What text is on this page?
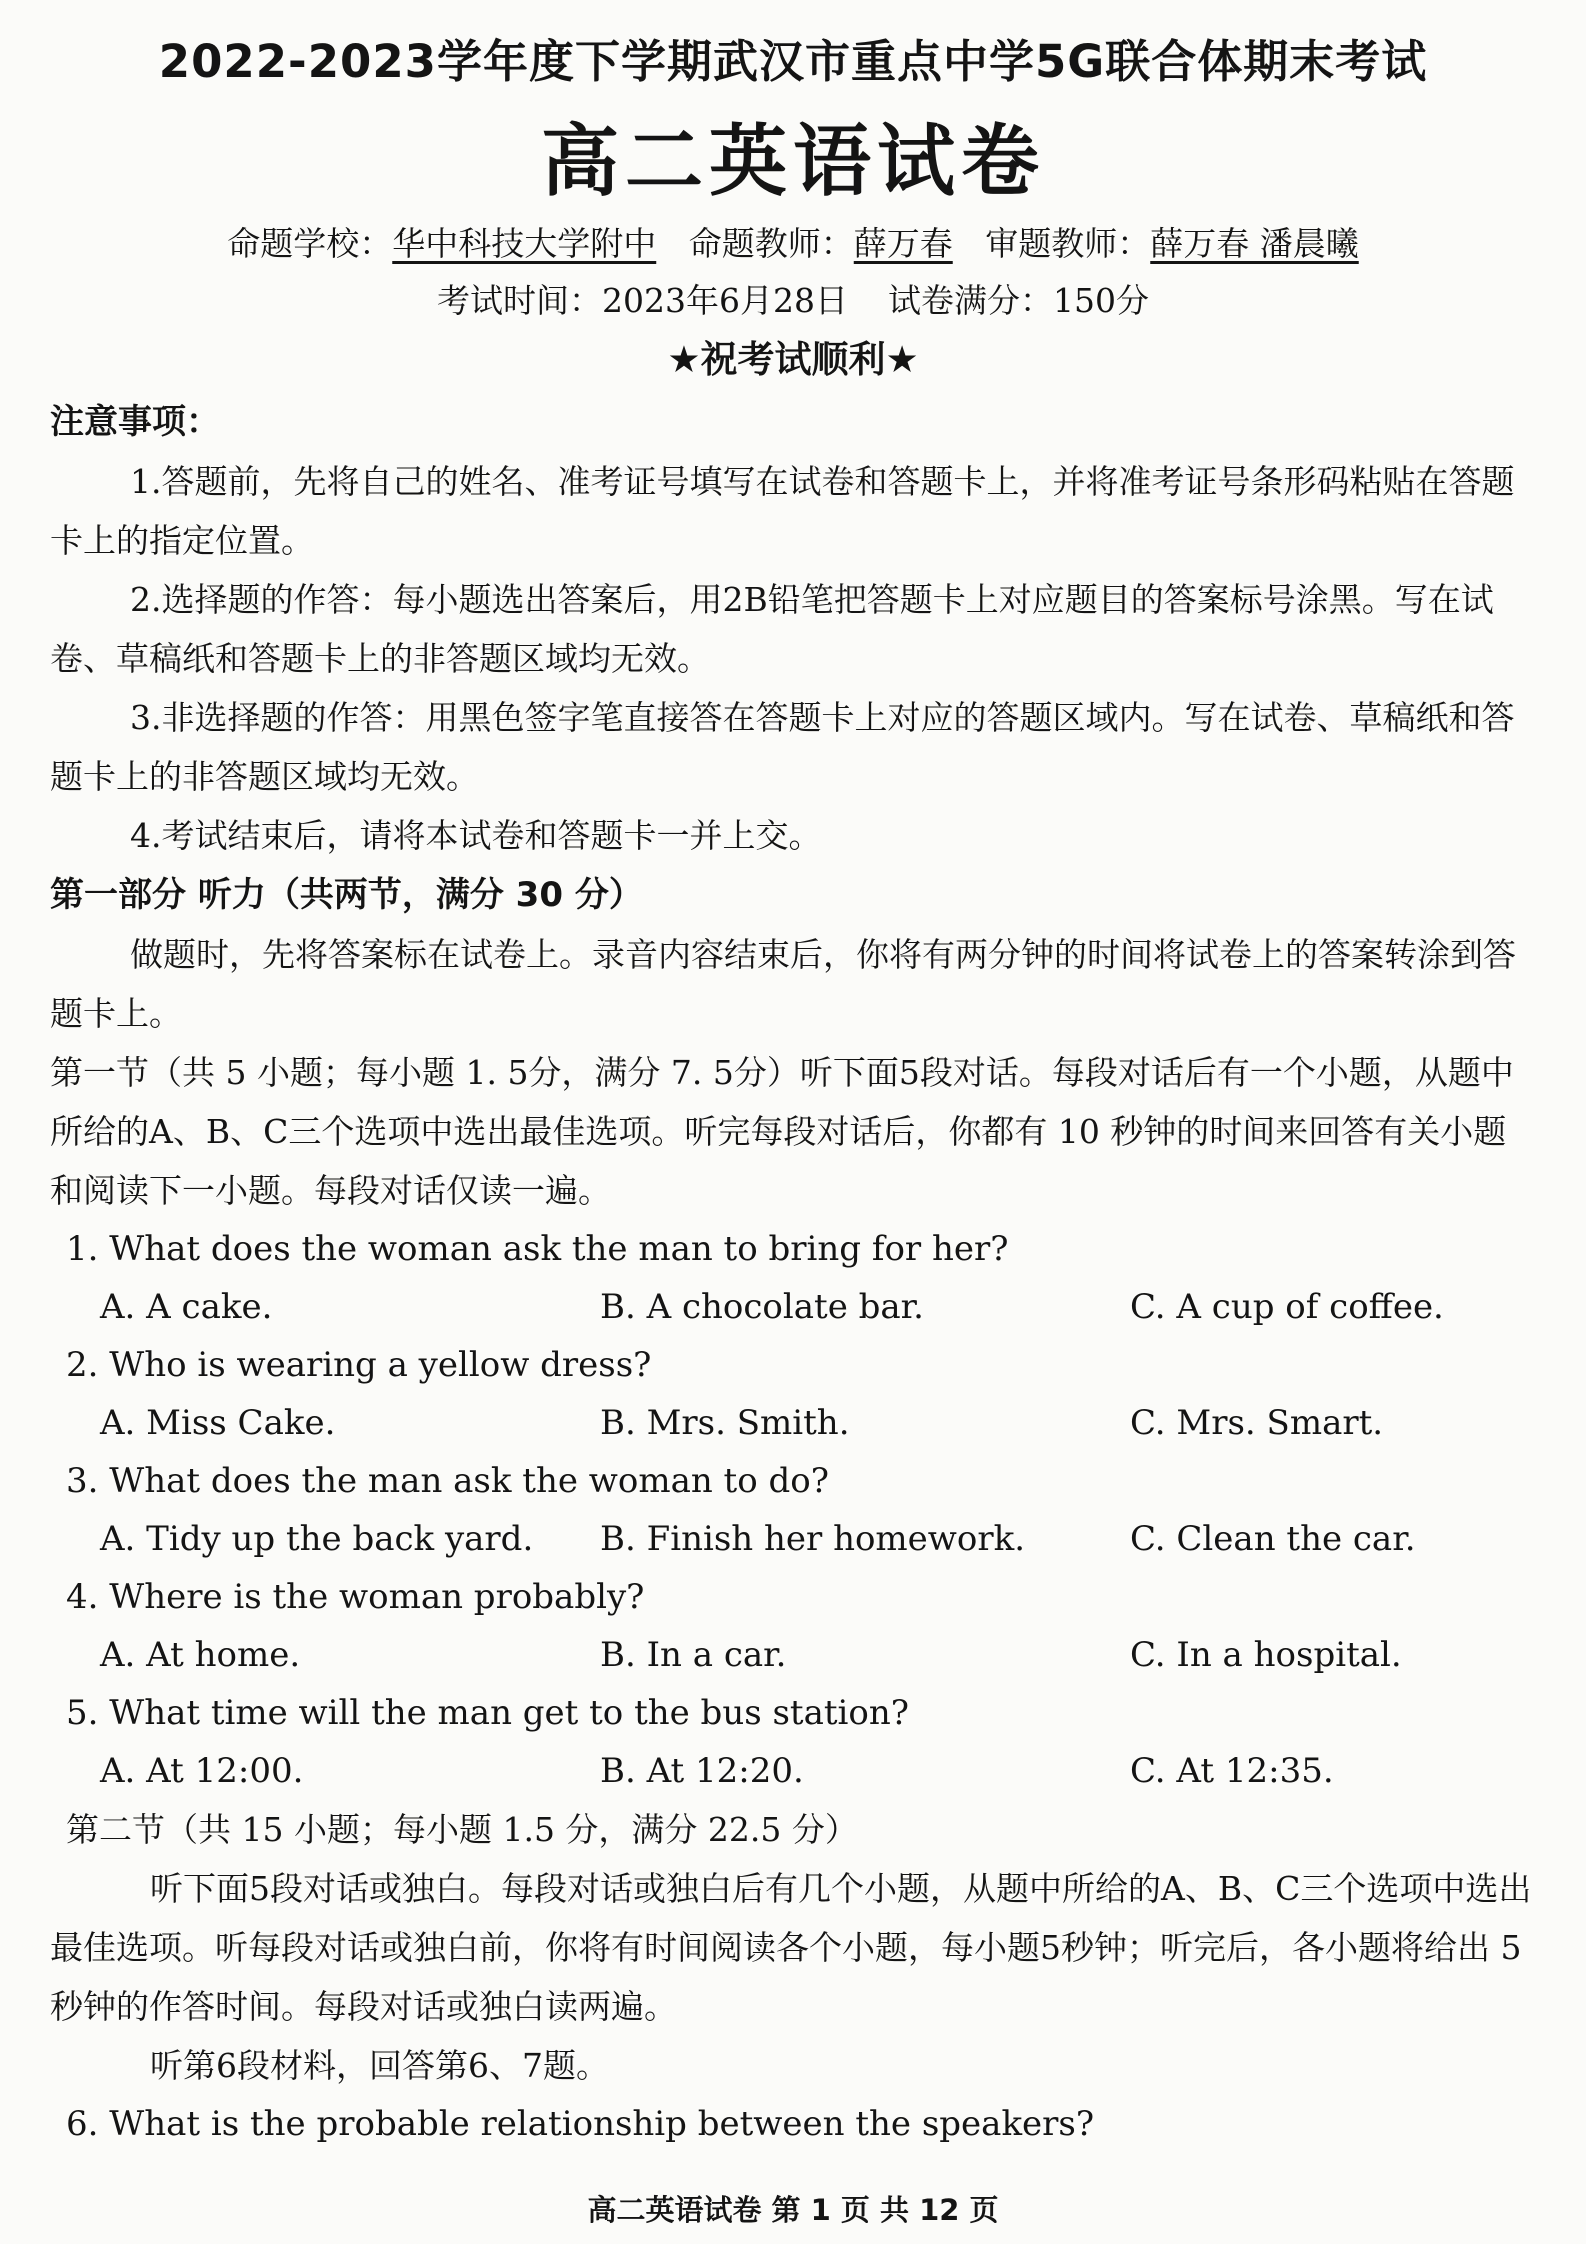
2022-2023学年度下学期武汉市重点中学5G联合体期末考试
高二英语试卷
命题学校：华中科技大学附中 命题教师：薛万春 审题教师：薛万春 潘晨曦
考试时间：2023年6月28日 试卷满分：150分
★祝考试顺利★
注意事项：

1.答题前，先将自己的姓名、准考证号填写在试卷和答题卡上，并将准考证号条形码粘贴在答题卡上的指定位置。

2.选择题的作答：每小题选出答案后，用2B铅笔把答题卡上对应题目的答案标号涂黑。写在试卷、草稿纸和答题卡上的非答题区域均无效。

3.非选择题的作答：用黑色签字笔直接答在答题卡上对应的答题区域内。写在试卷、草稿纸和答题卡上的非答题区域均无效。

4.考试结束后，请将本试卷和答题卡一并上交。

第一部分 听力（共两节，满分 30 分）

做题时，先将答案标在试卷上。录音内容结束后，你将有两分钟的时间将试卷上的答案转涂到答题卡上。

第一节（共 5 小题；每小题 1. 5分，满分 7. 5分）听下面5段对话。每段对话后有一个小题，从题中所给的A、B、C三个选项中选出最佳选项。听完每段对话后，你都有 10 秒钟的时间来回答有关小题和阅读下一小题。每段对话仅读一遍。

1. What does the woman ask the man to bring for her?
A. A cake.	B. A chocolate bar.	C. A cup of coffee.
2. Who is wearing a yellow dress?
A. Miss Cake.	B. Mrs. Smith.	C. Mrs. Smart.
3. What does the man ask the woman to do?
A. Tidy up the back yard.	B. Finish her homework.	C. Clean the car.
4. Where is the woman probably?
A. At home.	B. In a car.	C. In a hospital.
5. What time will the man get to the bus station?
A. At 12:00.	B. At 12:20.	C. At 12:35.

第二节（共 15 小题；每小题 1.5 分，满分 22.5 分）

听下面5段对话或独白。每段对话或独白后有几个小题，从题中所给的A、B、C三个选项中选出最佳选项。听每段对话或独白前，你将有时间阅读各个小题，每小题5秒钟；听完后，各小题将给出 5 秒钟的作答时间。每段对话或独白读两遍。

听第6段材料，回答第6、7题。

6. What is the probable relationship between the speakers?
高二英语试卷 第 1 页 共 12 页
